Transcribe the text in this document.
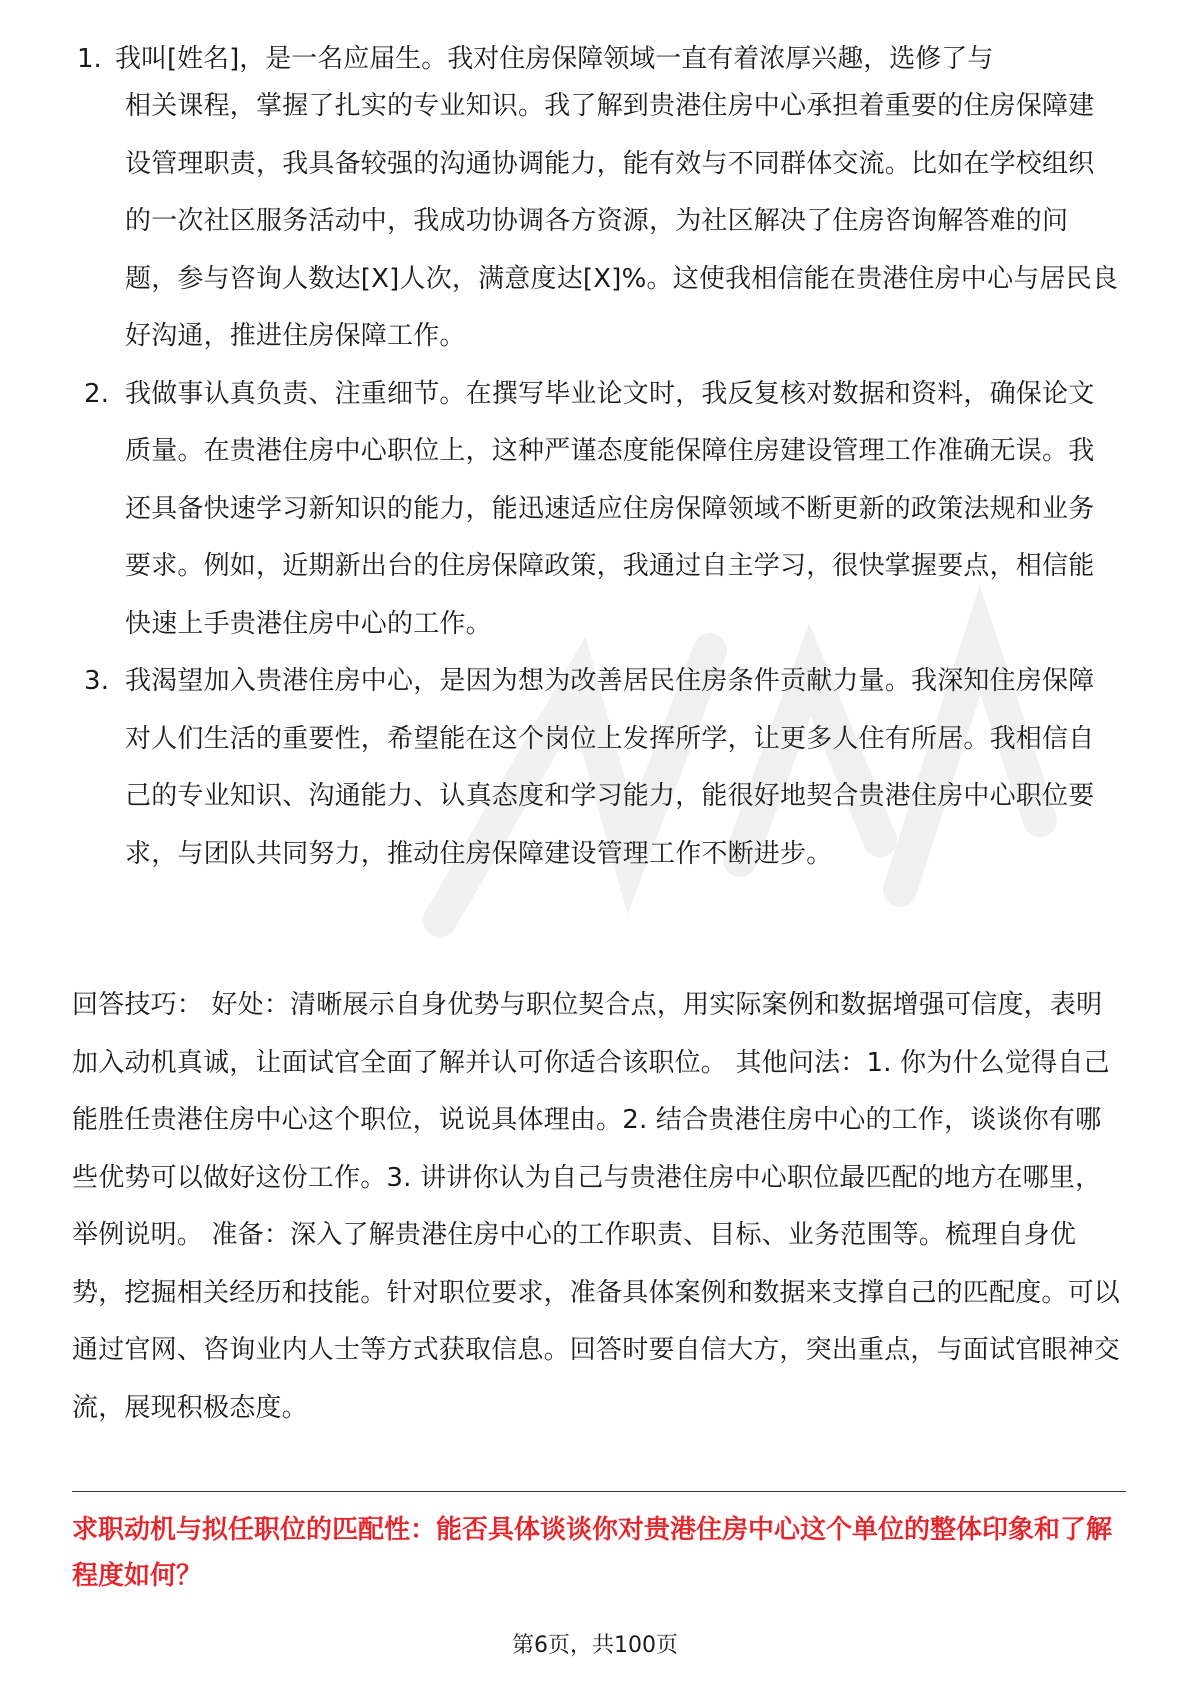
1. 我叫[姓名]，是一名应届生。我对住房保障领域一直有着浓厚兴趣，选修了与
相关课程，掌握了扎实的专业知识。我了解到贵港住房中心承担着重要的住房保障建设管理职责，我具备较强的沟通协调能力，能有效与不同群体交流。比如在学校组织的一次社区服务活动中，我成功协调各方资源，为社区解决了住房咨询解答难的问题，参与咨询人数达[X]人次，满意度达[X]%。这使我相信能在贵港住房中心与居民良好沟通，推进住房保障工作。
2. 我做事认真负责、注重细节。在撰写毕业论文时，我反复核对数据和资料，确保论文质量。在贵港住房中心职位上，这种严谨态度能保障住房建设管理工作准确无误。我还具备快速学习新知识的能力，能迅速适应住房保障领域不断更新的政策法规和业务要求。例如，近期新出台的住房保障政策，我通过自主学习，很快掌握要点，相信能快速上手贵港住房中心的工作。
3. 我渴望加入贵港住房中心，是因为想为改善居民住房条件贡献力量。我深知住房保障对人们生活的重要性，希望能在这个岗位上发挥所学，让更多人住有所居。我相信自己的专业知识、沟通能力、认真态度和学习能力，能很好地契合贵港住房中心职位要求，与团队共同努力，推动住房保障建设管理工作不断进步。

回答技巧： 好处：清晰展示自身优势与职位契合点，用实际案例和数据增强可信度，表明加入动机真诚，让面试官全面了解并认可你适合该职位。 其他问法：1. 你为什么觉得自己能胜任贵港住房中心这个职位，说说具体理由。2. 结合贵港住房中心的工作，谈谈你有哪些优势可以做好这份工作。3. 讲讲你认为自己与贵港住房中心职位最匹配的地方在哪里，举例说明。 准备：深入了解贵港住房中心的工作职责、目标、业务范围等。梳理自身优势，挖掘相关经历和技能。针对职位要求，准备具体案例和数据来支撑自己的匹配度。可以通过官网、咨询业内人士等方式获取信息。回答时要自信大方，突出重点，与面试官眼神交流，展现积极态度。

求职动机与拟任职位的匹配性：能否具体谈谈你对贵港住房中心这个单位的整体印象和了解程度如何？

第6页，共100页
